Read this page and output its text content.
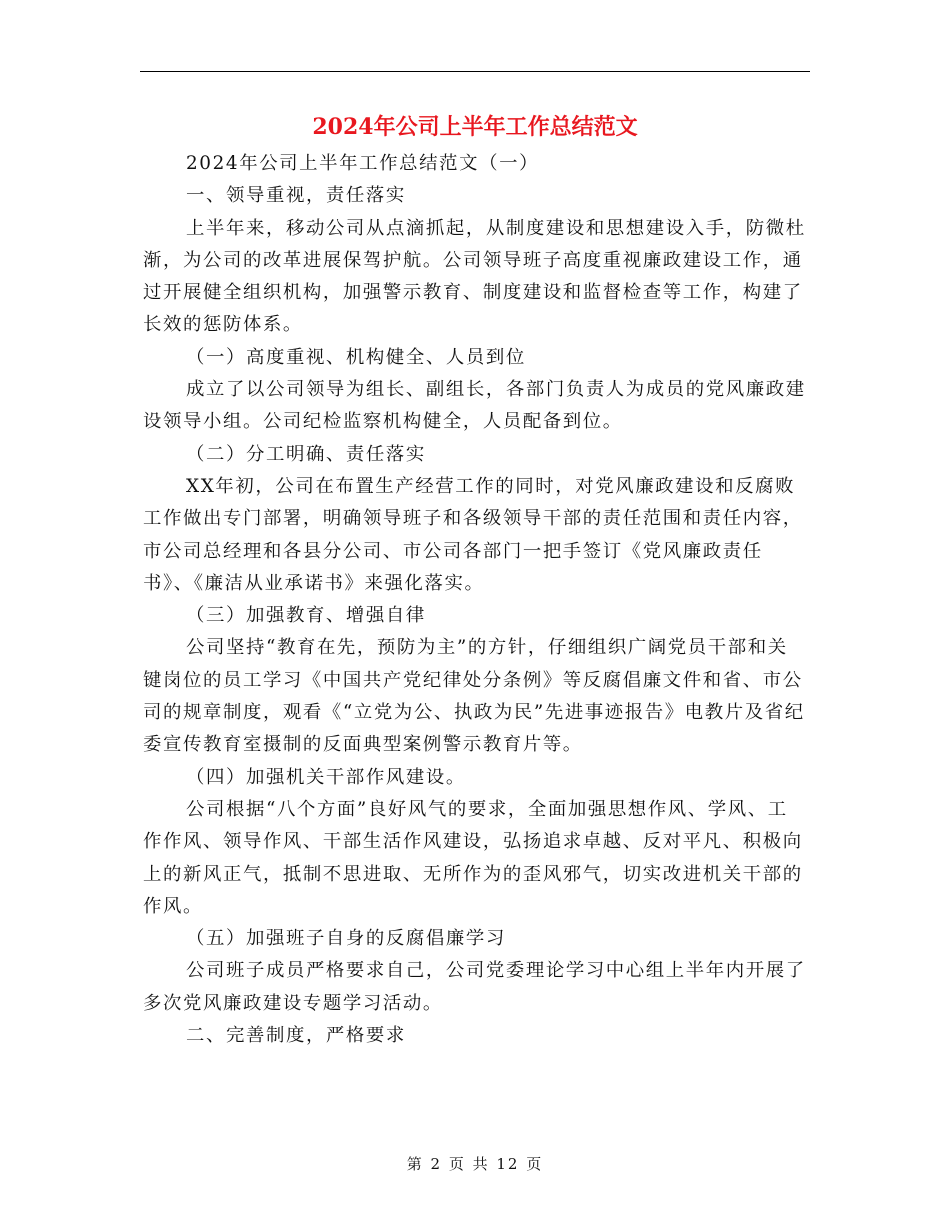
2024年公司上半年工作总结范文

2024年公司上半年工作总结范文（一）

一、领导重视，责任落实

上半年来，移动公司从点滴抓起，从制度建设和思想建设入手，防微杜渐，为公司的改革进展保驾护航。公司领导班子高度重视廉政建设工作，通过开展健全组织机构，加强警示教育、制度建设和监督检查等工作，构建了长效的惩防体系。

（一）高度重视、机构健全、人员到位

成立了以公司领导为组长、副组长，各部门负责人为成员的党风廉政建设领导小组。公司纪检监察机构健全，人员配备到位。

（二）分工明确、责任落实

XX年初，公司在布置生产经营工作的同时，对党风廉政建设和反腐败工作做出专门部署，明确领导班子和各级领导干部的责任范围和责任内容，市公司总经理和各县分公司、市公司各部门一把手签订《党风廉政责任书》、《廉洁从业承诺书》来强化落实。

（三）加强教育、增强自律

公司坚持“教育在先，预防为主”的方针，仔细组织广阔党员干部和关键岗位的员工学习《中国共产党纪律处分条例》等反腐倡廉文件和省、市公司的规章制度，观看《“立党为公、执政为民”先进事迹报告》电教片及省纪委宣传教育室摄制的反面典型案例警示教育片等。

（四）加强机关干部作风建设。

公司根据“八个方面”良好风气的要求，全面加强思想作风、学风、工作作风、领导作风、干部生活作风建设，弘扬追求卓越、反对平凡、积极向上的新风正气，抵制不思进取、无所作为的歪风邪气，切实改进机关干部的作风。

（五）加强班子自身的反腐倡廉学习

公司班子成员严格要求自己，公司党委理论学习中心组上半年内开展了多次党风廉政建设专题学习活动。

二、完善制度，严格要求

第 2 页 共 12 页
